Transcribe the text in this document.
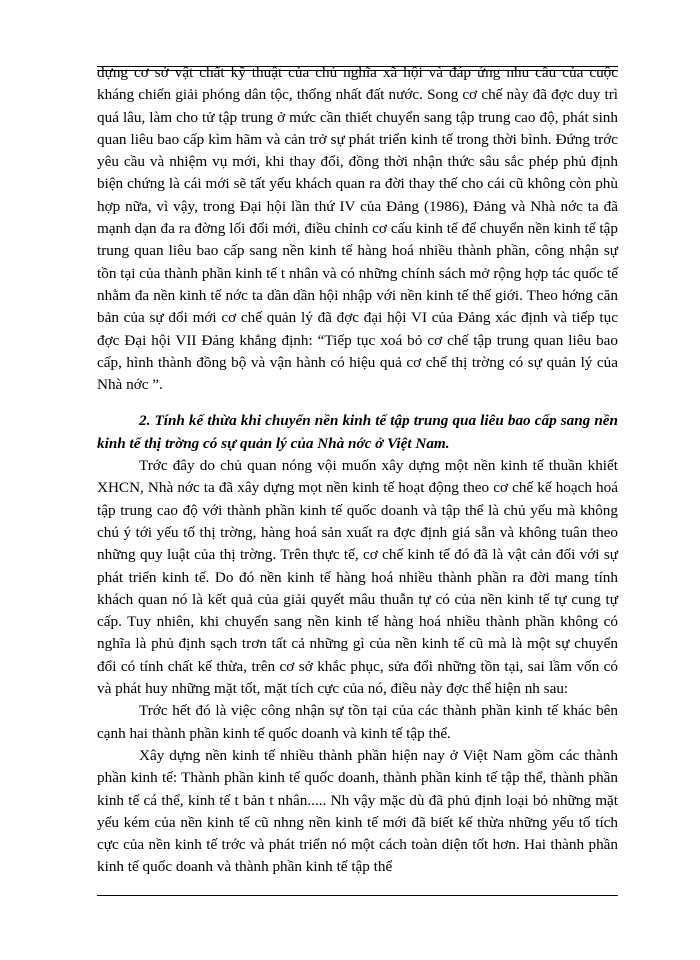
dựng cơ sở vật chất kỹ thuật của chủ nghĩa xã hội và đáp ứng nhu cầu của cuộc kháng chiến giải phóng dân tộc, thống nhất đất nước. Song cơ chế này đã đợc duy trì quá lâu, làm cho tử tập trung ở mức cần thiết chuyển sang tập trung cao độ, phát sinh quan liêu bao cấp kìm hãm và cản trở sự phát triển kinh tế trong thời bình. Đứng trớc yêu cầu và nhiệm vụ mới, khi thay đổi, đồng thời nhận thức sâu sắc phép phủ định biện chứng là cái mới sẽ tất yếu khách quan ra đời thay thế cho cái cũ không còn phù hợp nữa, vì vậy, trong Đại hội lần thứ IV của Đảng (1986), Đảng và Nhà nớc ta đã mạnh dạn đa ra đờng lối đổi mới, điều chỉnh cơ cấu kinh tế để chuyển nền kinh tế tập trung quan liêu bao cấp sang nền kinh tế hàng hoá nhiều thành phần, công nhận sự tồn tại của thành phần kinh tế t nhân và có những chính sách mở rộng hợp tác quốc tế nhằm đa nền kinh tế nớc ta dần dần hội nhập với nền kinh tế thế giới. Theo hớng căn bản của sự đổi mới cơ chế quản lý đã đợc đại hội VI của Đảng xác định và tiếp tục đợc Đại hội VII Đảng khẳng định: “Tiếp tục xoá bỏ cơ chế tập trung quan liêu bao cấp, hình thành đồng bộ và vận hành có hiệu quả cơ chế thị trờng có sự quản lý của Nhà nớc ”.

2. Tính kế thừa khi chuyển nền kinh tế tập trung qua liêu bao cấp sang nền kinh tế thị trờng có sự quản lý của Nhà nớc ở Việt Nam.

Trớc đây do chủ quan nóng vội muốn xây dựng một nền kinh tế thuần khiết XHCN, Nhà nớc ta đã xây dựng mọt nền kinh tế hoạt động theo cơ chế kế hoạch hoá tập trung cao độ với thành phần kinh tế quốc doanh và tập thể là chủ yếu mà không chú ý tới yếu tố thị trờng, hàng hoá sản xuất ra đợc định giá sẵn và không tuân theo những quy luật của thị trờng. Trên thực tế, cơ chế kinh tế đó đã là vật cản đối với sự phát triển kinh tế. Do đó nền kinh tế hàng hoá nhiều thành phần ra đời mang tính khách quan nó là kết quả của giải quyết mâu thuẫn tự có của nền kinh tế tự cung tự cấp. Tuy nhiên, khi chuyển sang nền kinh tế hàng hoá nhiều thành phần không có nghĩa là phủ định sạch trơn tất cả những gì của nền kinh tế cũ mà là một sự chuyển đổi có tính chất kế thừa, trên cơ sở khắc phục, sửa đổi những tồn tại, sai lầm vốn có và phát huy những mặt tốt, mặt tích cực của nó, điều này đợc thể hiện nh sau:

Trớc hết đó là việc công nhận sự tồn tại của các thành phần kinh tế khác bên cạnh hai thành phần kinh tế quốc doanh và kinh tế tập thể.

Xây dựng nền kinh tế nhiều thành phần hiện nay ở Việt Nam gồm các thành phần kinh tế: Thành phần kinh tế quốc doanh, thành phần kinh tế tập thể, thành phần kinh tế cá thể, kinh tế t bản t nhân..... Nh vậy mặc dù đã phủ định loại bỏ những mặt yếu kém của nền kinh tế cũ nhng nền kinh tế mới đã biết kế thừa những yếu tố tích cực của nền kinh tế trớc và phát triển nó một cách toàn diện tốt hơn. Hai thành phần kinh tế quốc doanh và thành phần kinh tế tập thể
